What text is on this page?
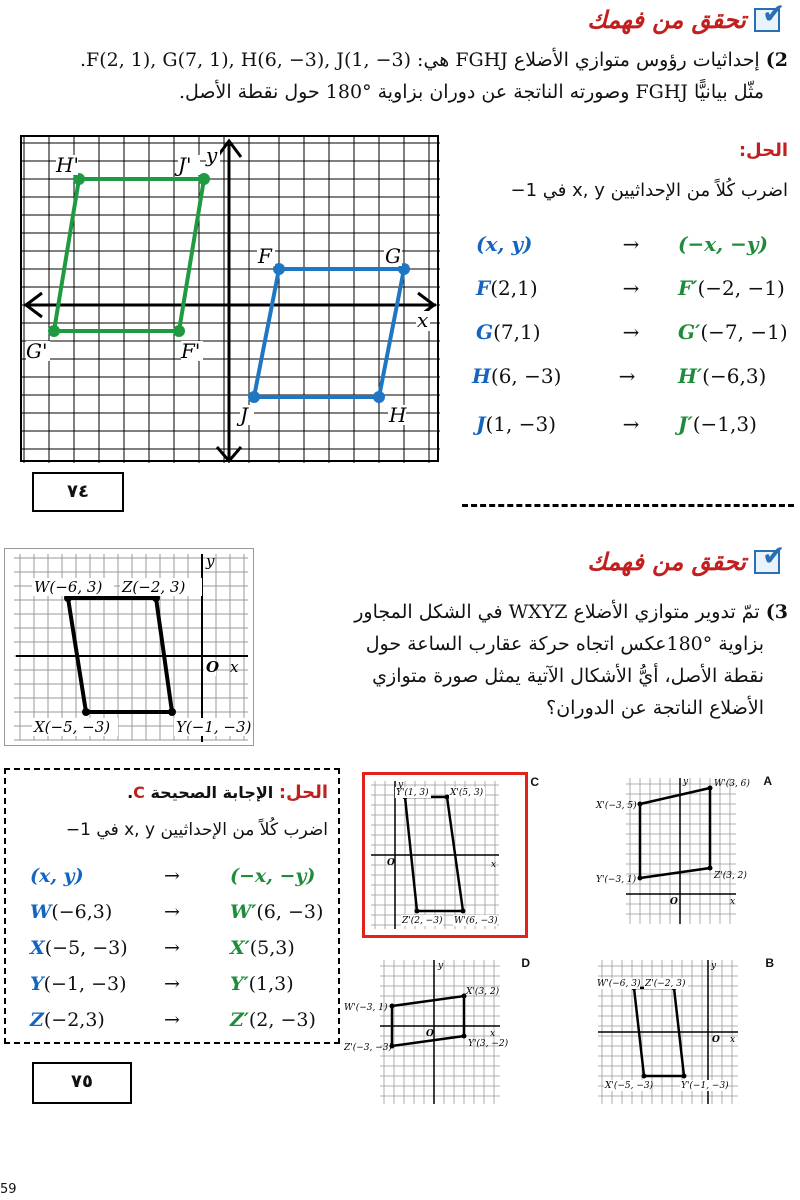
تحقق من فهمك ✔
2) إحداثيات رؤوس متوازي الأضلاع FGHJ هي: F(2, 1), G(7, 1), H(6, −3), J(1, −3).
مثّل بيانيًّا FGHJ وصورته الناتجة عن دوران بزاوية °180 حول نقطة الأصل.
y
x
F	G
H
J
H'	J'
G'	F'
الحل:
اضرب كُلاً من الإحداثيين x, y في 1−
(x, y)	→	(−x, −y)
F(2,1)	→	F′(−2, −1)
G(7,1)	→	G′(−7, −1)
H(6, −3)	→	H′(−6,3)
J(1, −3)	→	J′(−1,3)
٧٤
W(−6, 3) Z(−2, 3)
X(−5, −3)	Y(−1, −3)
O x
y	تحقق من فهمك ✔
3) تمّ تدوير متوازي الأضلاع WXYZ في الشكل المجاور
بزاوية °180عكس اتجاه حركة عقارب الساعة حول
نقطة الأصل، أيُّ الأشكال الآتية يمثل صورة متوازي
الأضلاع الناتجة عن الدوران؟
الحل: الإجابة الصحيحة C.
اضرب كُلاً من الإحداثيين x, y في 1−
(x, y)	→	(−x, −y)
W(−6,3)	→	W′(6, −3)
X(−5, −3)	→	X′(5,3)
Y(−1, −3)	→	Y′(1,3)
Z(−2,3)	→	Z′(2, −3)
Y'(1, 3) X'(5, 3)
Z'(2, −3) W'(6, −3)
O	x
y	C	W'(3, 6)
X'(−3, 5)
Y'(−3, 1)	Z'(3, 2)
O	x
y	A
X'(3, 2)
W'(−3, 1)
Z'(−3, −3)	Y'(3, −2)
O	x
y	D
W'(−6, 3) Z'(−2, 3)
X'(−5, −3)	Y'(−1, −3)
O x
y	B
٧٥
59
